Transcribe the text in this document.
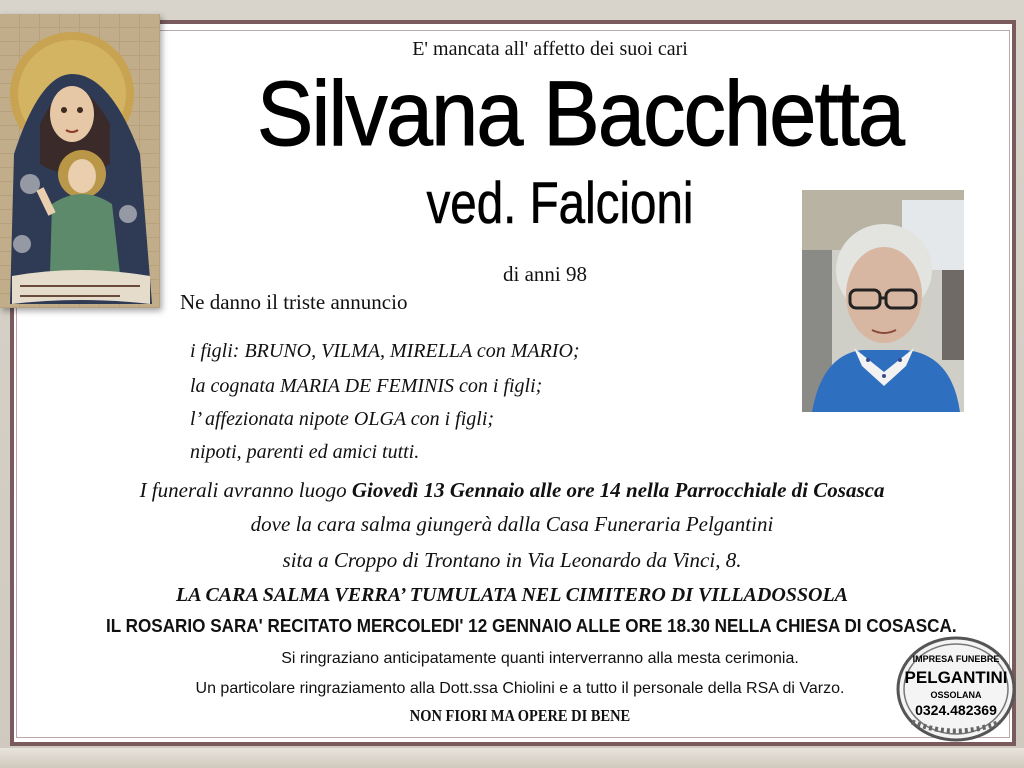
E' mancata all' affetto dei suoi cari
Silvana Bacchetta
ved. Falcioni
di anni 98
Ne danno il triste annuncio
i figli: BRUNO, VILMA, MIRELLA con MARIO;
la cognata MARIA DE FEMINIS con i figli;
l’ affezionata nipote OLGA con i figli;
nipoti, parenti ed amici tutti.
I funerali avranno luogo Giovedì 13 Gennaio alle ore 14 nella Parrocchiale di Cosasca
dove la cara salma giungerà dalla Casa Funeraria Pelgantini
sita a Croppo di Trontano in Via Leonardo da Vinci, 8.
LA CARA SALMA VERRA’ TUMULATA NEL CIMITERO DI VILLADOSSOLA
IL ROSARIO SARA' RECITATO MERCOLEDI' 12 GENNAIO ALLE ORE 18.30 NELLA CHIESA DI COSASCA.
Si ringraziano anticipatamente quanti interverranno alla mesta cerimonia.
Un particolare ringraziamento alla Dott.ssa Chiolini e a tutto il personale della RSA di Varzo.
NON FIORI MA OPERE DI BENE
IMPRESA FUNEBRE
PELGANTINI
OSSOLANA
0324.482369
